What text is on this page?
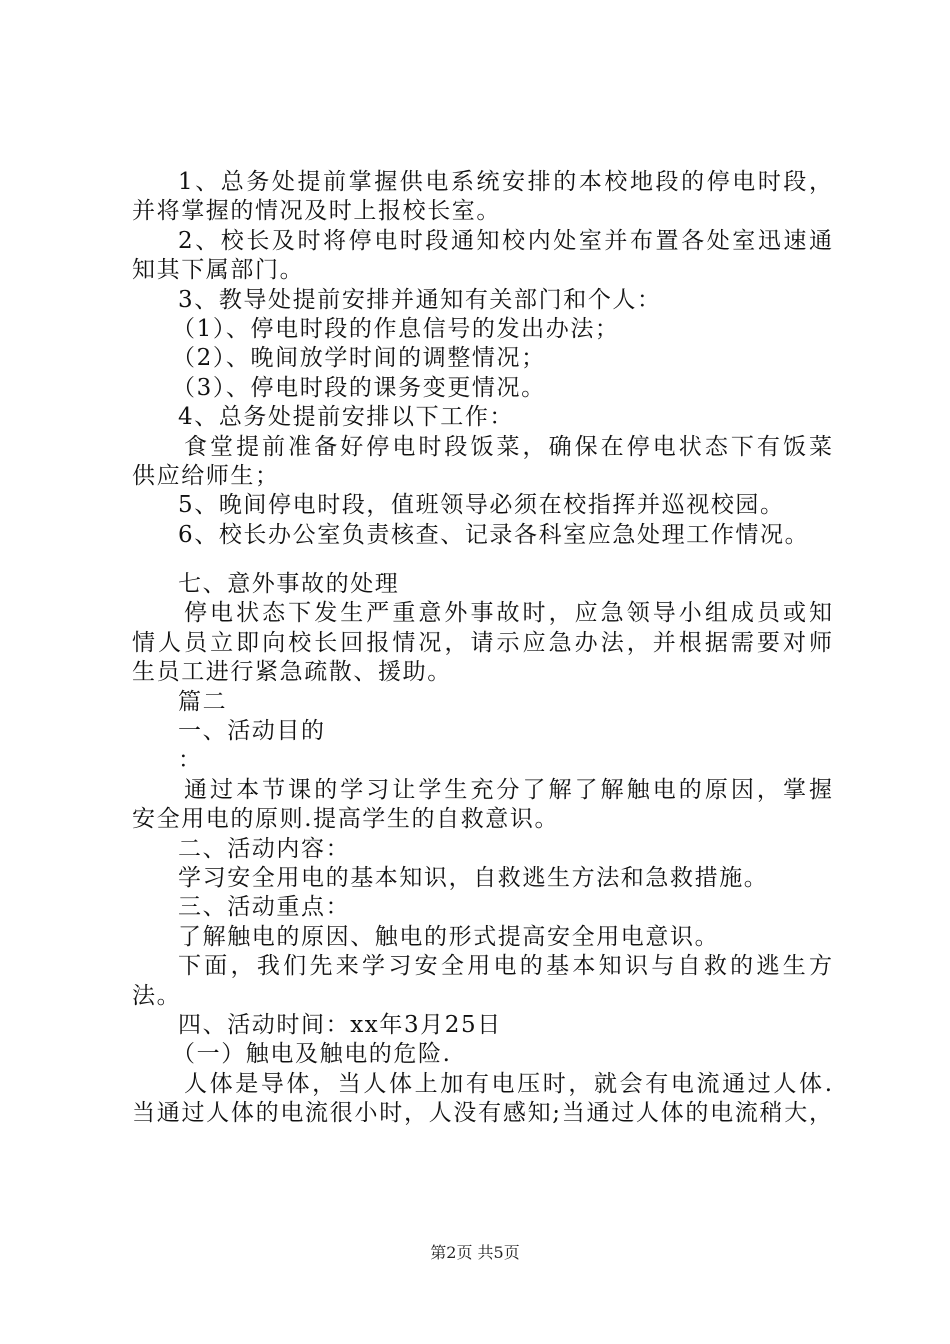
1、总务处提前掌握供电系统安排的本校地段的停电时段，
并将掌握的情况及时上报校长室。
2、校长及时将停电时段通知校内处室并布置各处室迅速通
知其下属部门。
3、教导处提前安排并通知有关部门和个人：
（1）、停电时段的作息信号的发出办法；
（2）、晚间放学时间的调整情况；
（3）、停电时段的课务变更情况。
4、总务处提前安排以下工作：
食堂提前准备好停电时段饭菜，确保在停电状态下有饭菜
供应给师生；
5、晚间停电时段，值班领导必须在校指挥并巡视校园。
6、校长办公室负责核查、记录各科室应急处理工作情况。
七、意外事故的处理
停电状态下发生严重意外事故时，应急领导小组成员或知
情人员立即向校长回报情况，请示应急办法，并根据需要对师
生员工进行紧急疏散、援助。
篇二
一、活动目的
：
通过本节课的学习让学生充分了解了解触电的原因，掌握
安全用电的原则.提高学生的自救意识。
二、活动内容：
学习安全用电的基本知识，自救逃生方法和急救措施。
三、活动重点：
了解触电的原因、触电的形式提高安全用电意识。
下面，我们先来学习安全用电的基本知识与自救的逃生方
法。
四、活动时间：xx年3月25日
（一）触电及触电的危险.
人体是导体，当人体上加有电压时，就会有电流通过人体.
当通过人体的电流很小时，人没有感知;当通过人体的电流稍大，
第2页 共5页
